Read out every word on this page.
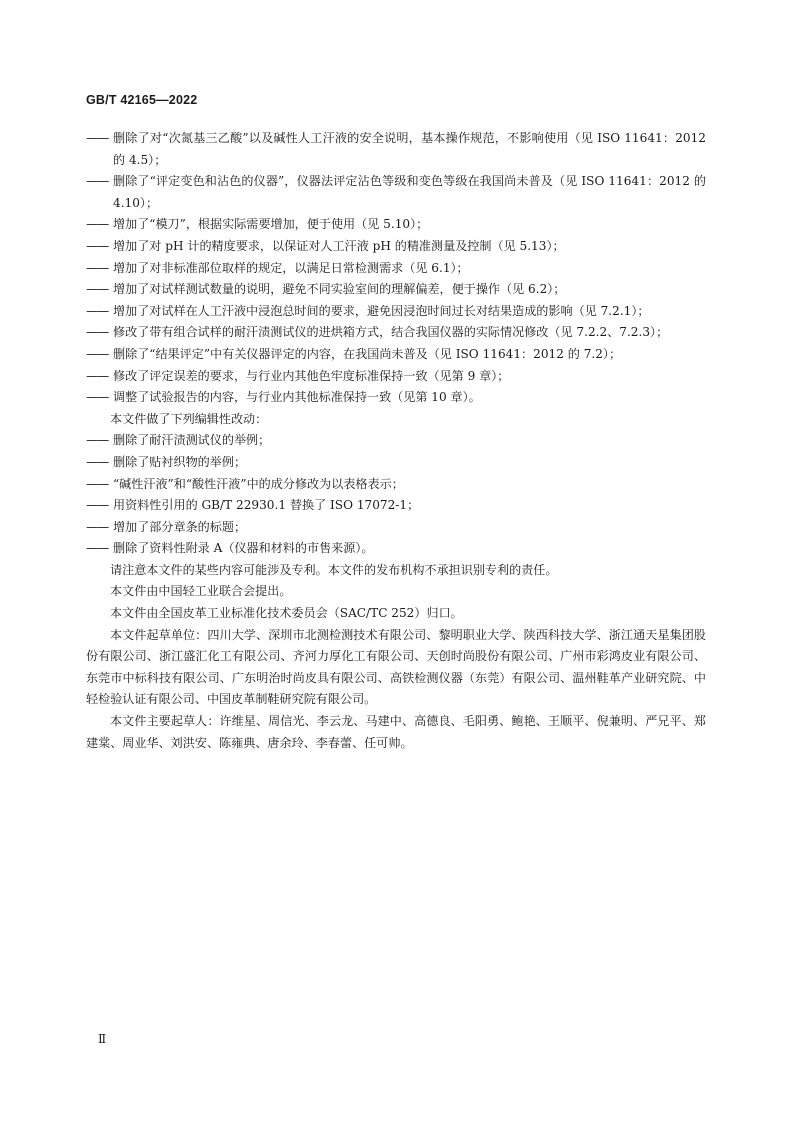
GB/T 42165—2022
—— 删除了对“次氮基三乙酸”以及碱性人工汗液的安全说明，基本操作规范，不影响使用（见 ISO 11641：2012 的 4.5）；
—— 删除了“评定变色和沾色的仪器”，仪器法评定沾色等级和变色等级在我国尚未普及（见 ISO 11641：2012 的 4.10）；
—— 增加了“模刀”，根据实际需要增加，便于使用（见 5.10）；
—— 增加了对 pH 计的精度要求，以保证对人工汗液 pH 的精准测量及控制（见 5.13）；
—— 增加了对非标准部位取样的规定，以满足日常检测需求（见 6.1）；
—— 增加了对试样测试数量的说明，避免不同实验室间的理解偏差，便于操作（见 6.2）；
—— 增加了对试样在人工汗液中浸泡总时间的要求，避免因浸泡时间过长对结果造成的影响（见 7.2.1）；
—— 修改了带有组合试样的耐汗渍测试仪的进烘箱方式，结合我国仪器的实际情况修改（见 7.2.2、7.2.3）；
—— 删除了“结果评定”中有关仪器评定的内容，在我国尚未普及（见 ISO 11641：2012 的 7.2）；
—— 修改了评定误差的要求，与行业内其他色牢度标准保持一致（见第 9 章）；
—— 调整了试验报告的内容，与行业内其他标准保持一致（见第 10 章）。

本文件做了下列编辑性改动：

—— 删除了耐汗渍测试仪的举例；
—— 删除了贴衬织物的举例；
—— “碱性汗液”和“酸性汗液”中的成分修改为以表格表示；
—— 用资料性引用的 GB/T 22930.1 替换了 ISO 17072-1；
—— 增加了部分章条的标题；
—— 删除了资料性附录 A（仪器和材料的市售来源）。

请注意本文件的某些内容可能涉及专利。本文件的发布机构不承担识别专利的责任。

本文件由中国轻工业联合会提出。

本文件由全国皮革工业标准化技术委员会（SAC/TC 252）归口。

本文件起草单位：四川大学、深圳市北测检测技术有限公司、黎明职业大学、陕西科技大学、浙江通天星集团股份有限公司、浙江盛汇化工有限公司、齐河力厚化工有限公司、天创时尚股份有限公司、广州市彩鸿皮业有限公司、东莞市中标科技有限公司、广东明治时尚皮具有限公司、高铁检测仪器（东莞）有限公司、温州鞋革产业研究院、中轻检验认证有限公司、中国皮革制鞋研究院有限公司。

本文件主要起草人：许维星、周信光、李云龙、马建中、高德良、毛阳勇、鲍艳、王顺平、倪兼明、严兄平、郑建棠、周业华、刘洪安、陈雍典、唐余玲、李春蕾、任可帅。

Ⅱ
